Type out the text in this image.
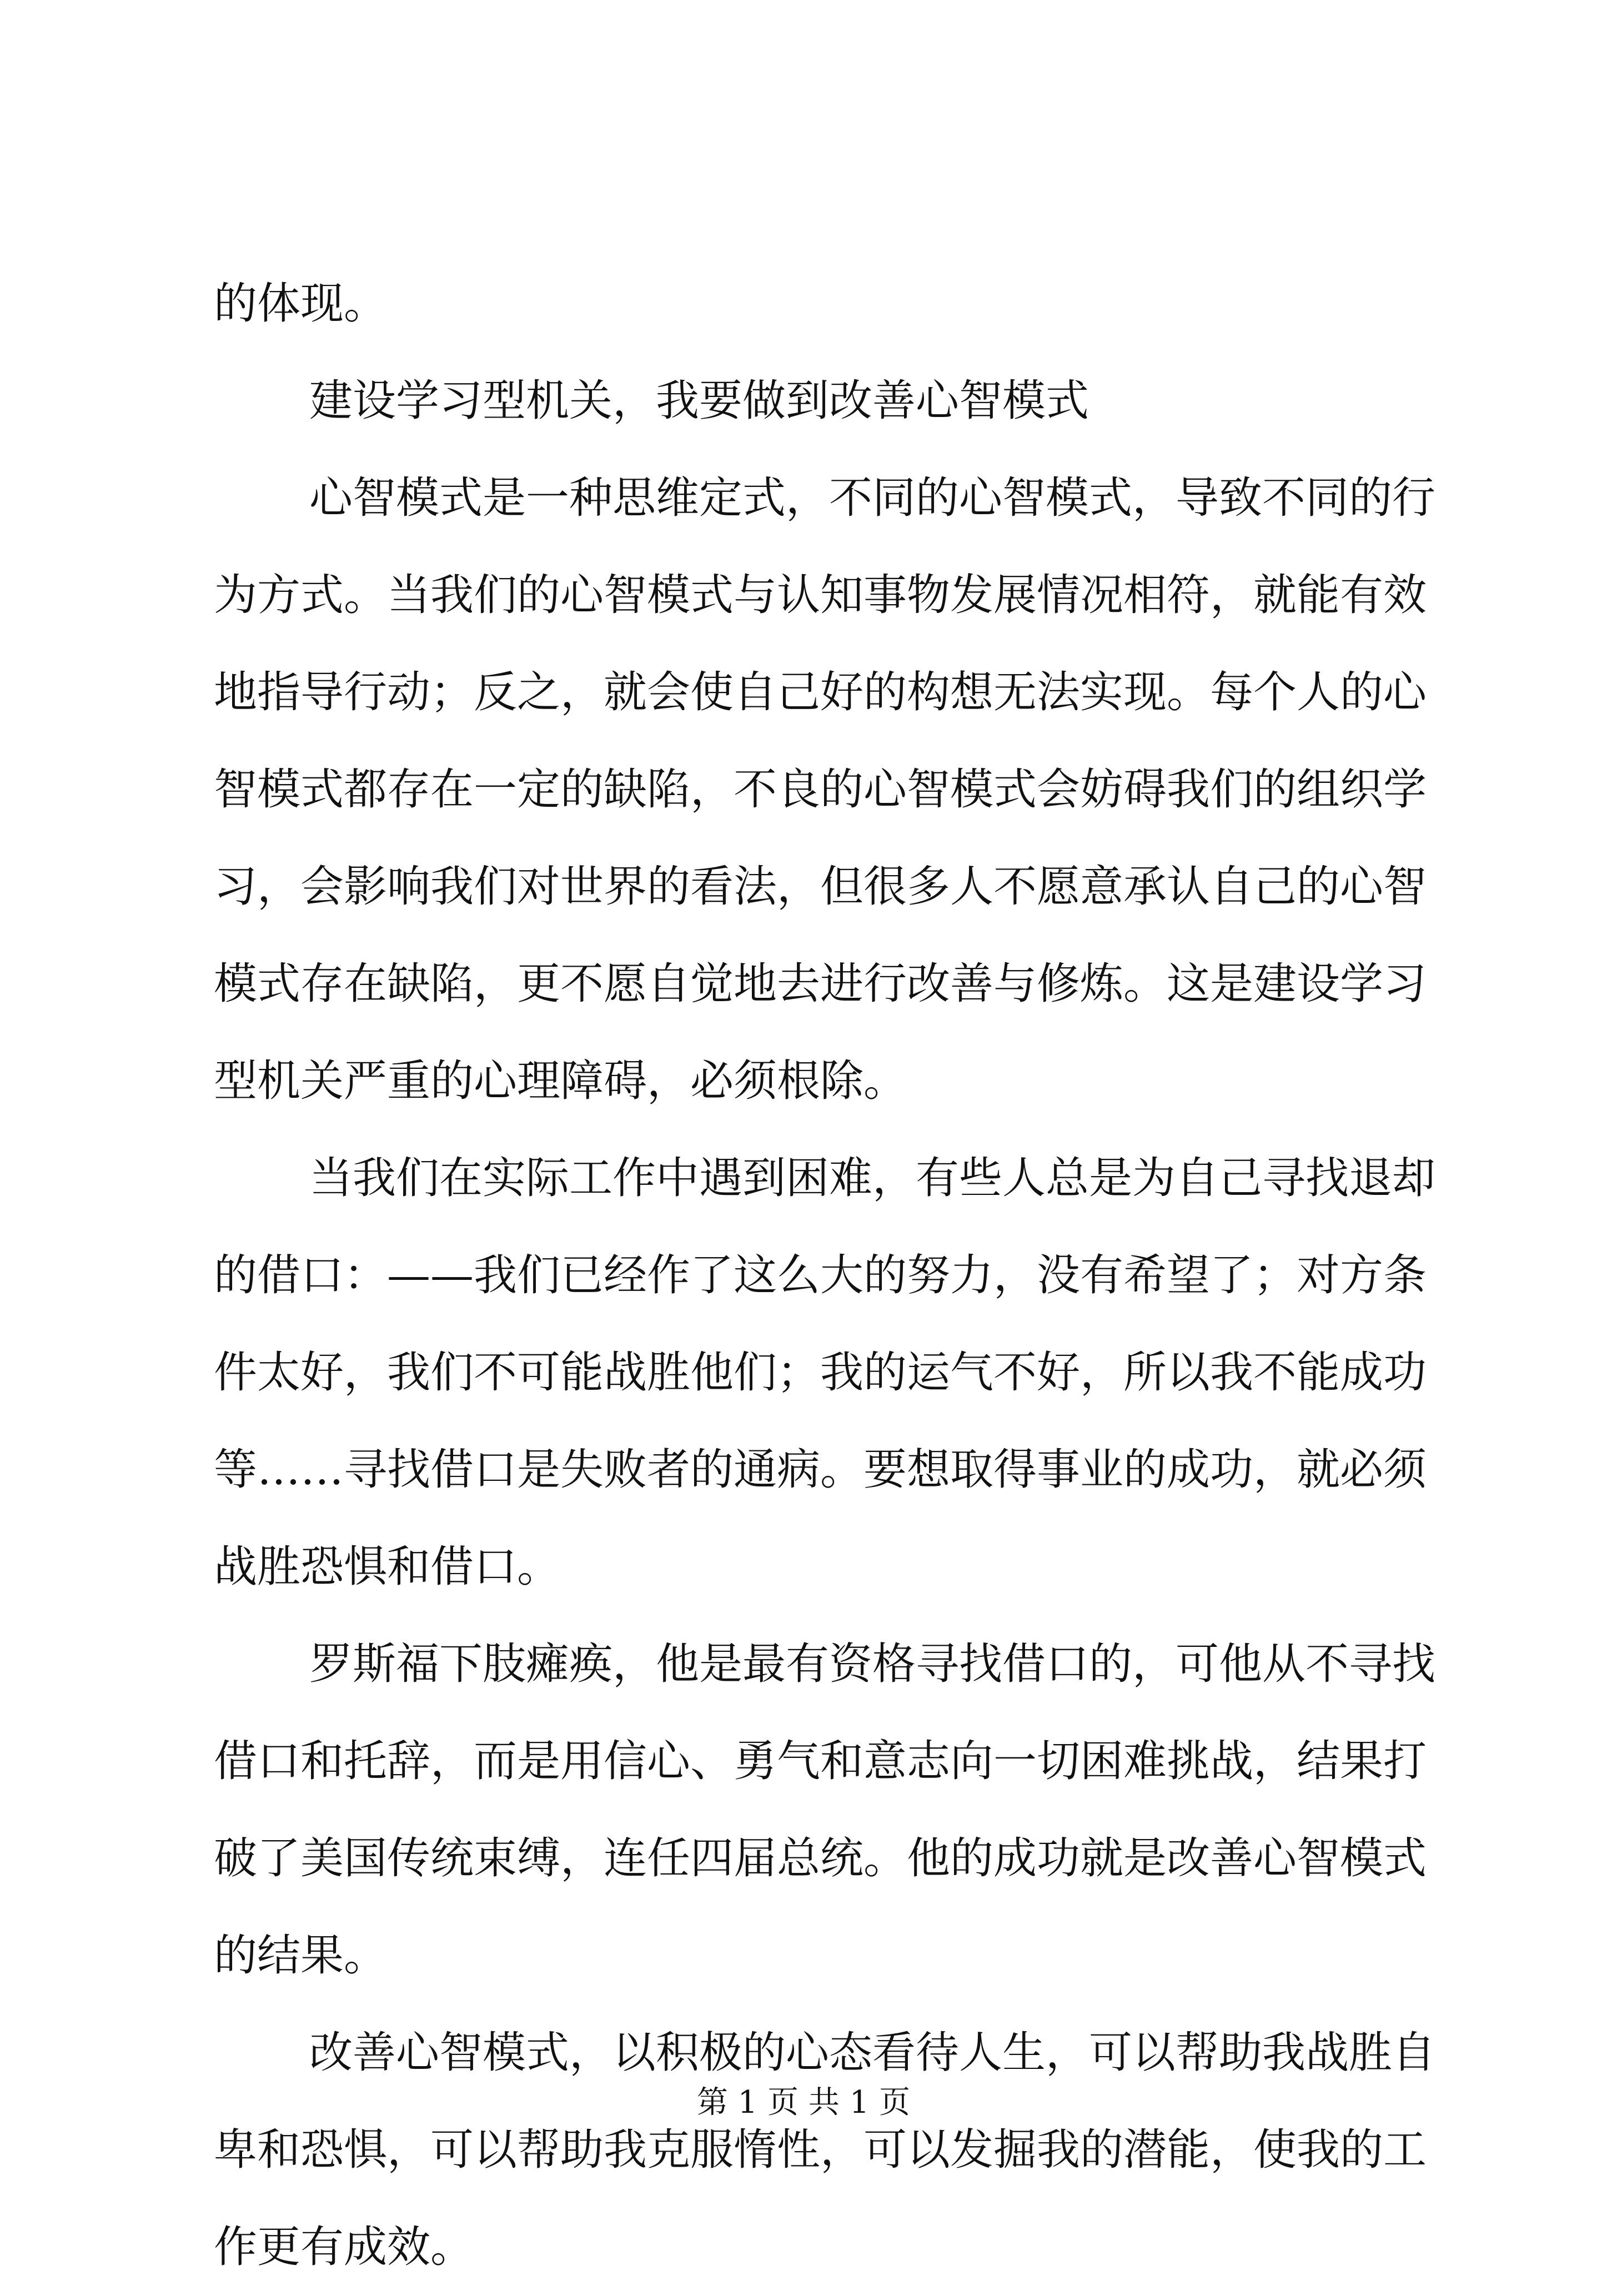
的体现。
建设学习型机关，我要做到改善心智模式
心智模式是一种思维定式，不同的心智模式，导致不同的行
为方式。当我们的心智模式与认知事物发展情况相符，就能有效
地指导行动；反之，就会使自己好的构想无法实现。每个人的心
智模式都存在一定的缺陷，不良的心智模式会妨碍我们的组织学
习，会影响我们对世界的看法，但很多人不愿意承认自己的心智
模式存在缺陷，更不愿自觉地去进行改善与修炼。这是建设学习
型机关严重的心理障碍，必须根除。
当我们在实际工作中遇到困难，有些人总是为自己寻找退却
的借口：——我们已经作了这么大的努力，没有希望了；对方条
件太好，我们不可能战胜他们；我的运气不好，所以我不能成功
等……寻找借口是失败者的通病。要想取得事业的成功，就必须
战胜恐惧和借口。
罗斯福下肢瘫痪，他是最有资格寻找借口的，可他从不寻找
借口和托辞，而是用信心、勇气和意志向一切困难挑战，结果打
破了美国传统束缚，连任四届总统。他的成功就是改善心智模式
的结果。
改善心智模式，以积极的心态看待人生，可以帮助我战胜自
卑和恐惧，可以帮助我克服惰性，可以发掘我的潜能，使我的工
作更有成效。
第 1 页 共 1 页
